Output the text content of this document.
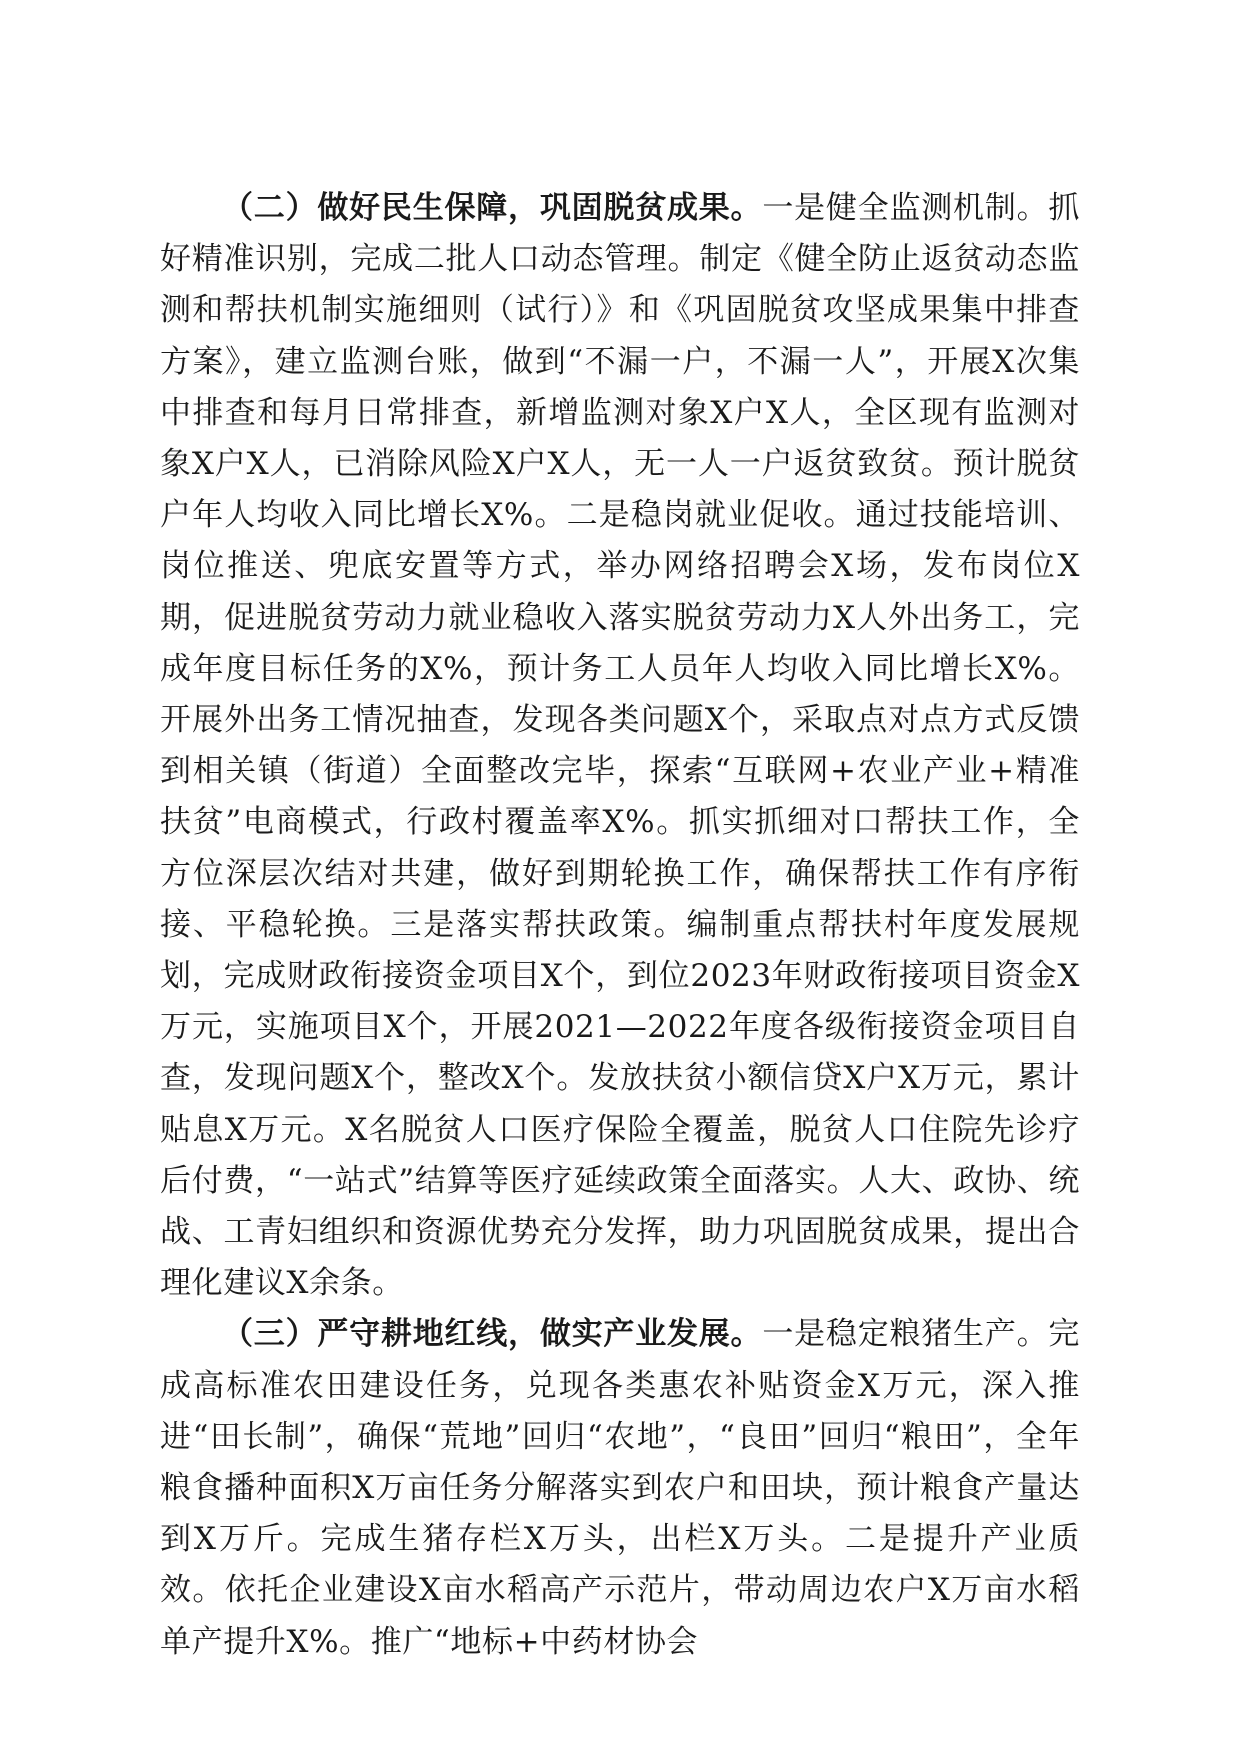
（二）做好民生保障，巩固脱贫成果。一是健全监测机制。抓好精准识别，完成二批人口动态管理。制定《健全防止返贫动态监测和帮扶机制实施细则（试行）》和《巩固脱贫攻坚成果集中排查方案》，建立监测台账，做到“不漏一户，不漏一人”，开展X次集中排查和每月日常排查，新增监测对象X户X人，全区现有监测对象X户X人，已消除风险X户X人，无一人一户返贫致贫。预计脱贫户年人均收入同比增长X%。二是稳岗就业促收。通过技能培训、岗位推送、兜底安置等方式，举办网络招聘会X场，发布岗位X期，促进脱贫劳动力就业稳收入落实脱贫劳动力X人外出务工，完成年度目标任务的X%，预计务工人员年人均收入同比增长X%。开展外出务工情况抽查，发现各类问题X个，采取点对点方式反馈到相关镇（街道）全面整改完毕，探索“互联网+农业产业+精准扶贫”电商模式，行政村覆盖率X%。抓实抓细对口帮扶工作，全方位深层次结对共建，做好到期轮换工作，确保帮扶工作有序衔接、平稳轮换。三是落实帮扶政策。编制重点帮扶村年度发展规划，完成财政衔接资金项目X个，到位2023年财政衔接项目资金X万元，实施项目X个，开展2021—2022年度各级衔接资金项目自查，发现问题X个，整改X个。发放扶贫小额信贷X户X万元，累计贴息X万元。X名脱贫人口医疗保险全覆盖，脱贫人口住院先诊疗后付费，“一站式”结算等医疗延续政策全面落实。人大、政协、统战、工青妇组织和资源优势充分发挥，助力巩固脱贫成果，提出合理化建议X余条。

（三）严守耕地红线，做实产业发展。一是稳定粮猪生产。完成高标准农田建设任务，兑现各类惠农补贴资金X万元，深入推进“田长制”，确保“荒地”回归“农地”，“良田”回归“粮田”，全年粮食播种面积X万亩任务分解落实到农户和田块，预计粮食产量达到X万斤。完成生猪存栏X万头，出栏X万头。二是提升产业质效。依托企业建设X亩水稻高产示范片，带动周边农户X万亩水稻单产提升X%。推广“地标+中药材协会
